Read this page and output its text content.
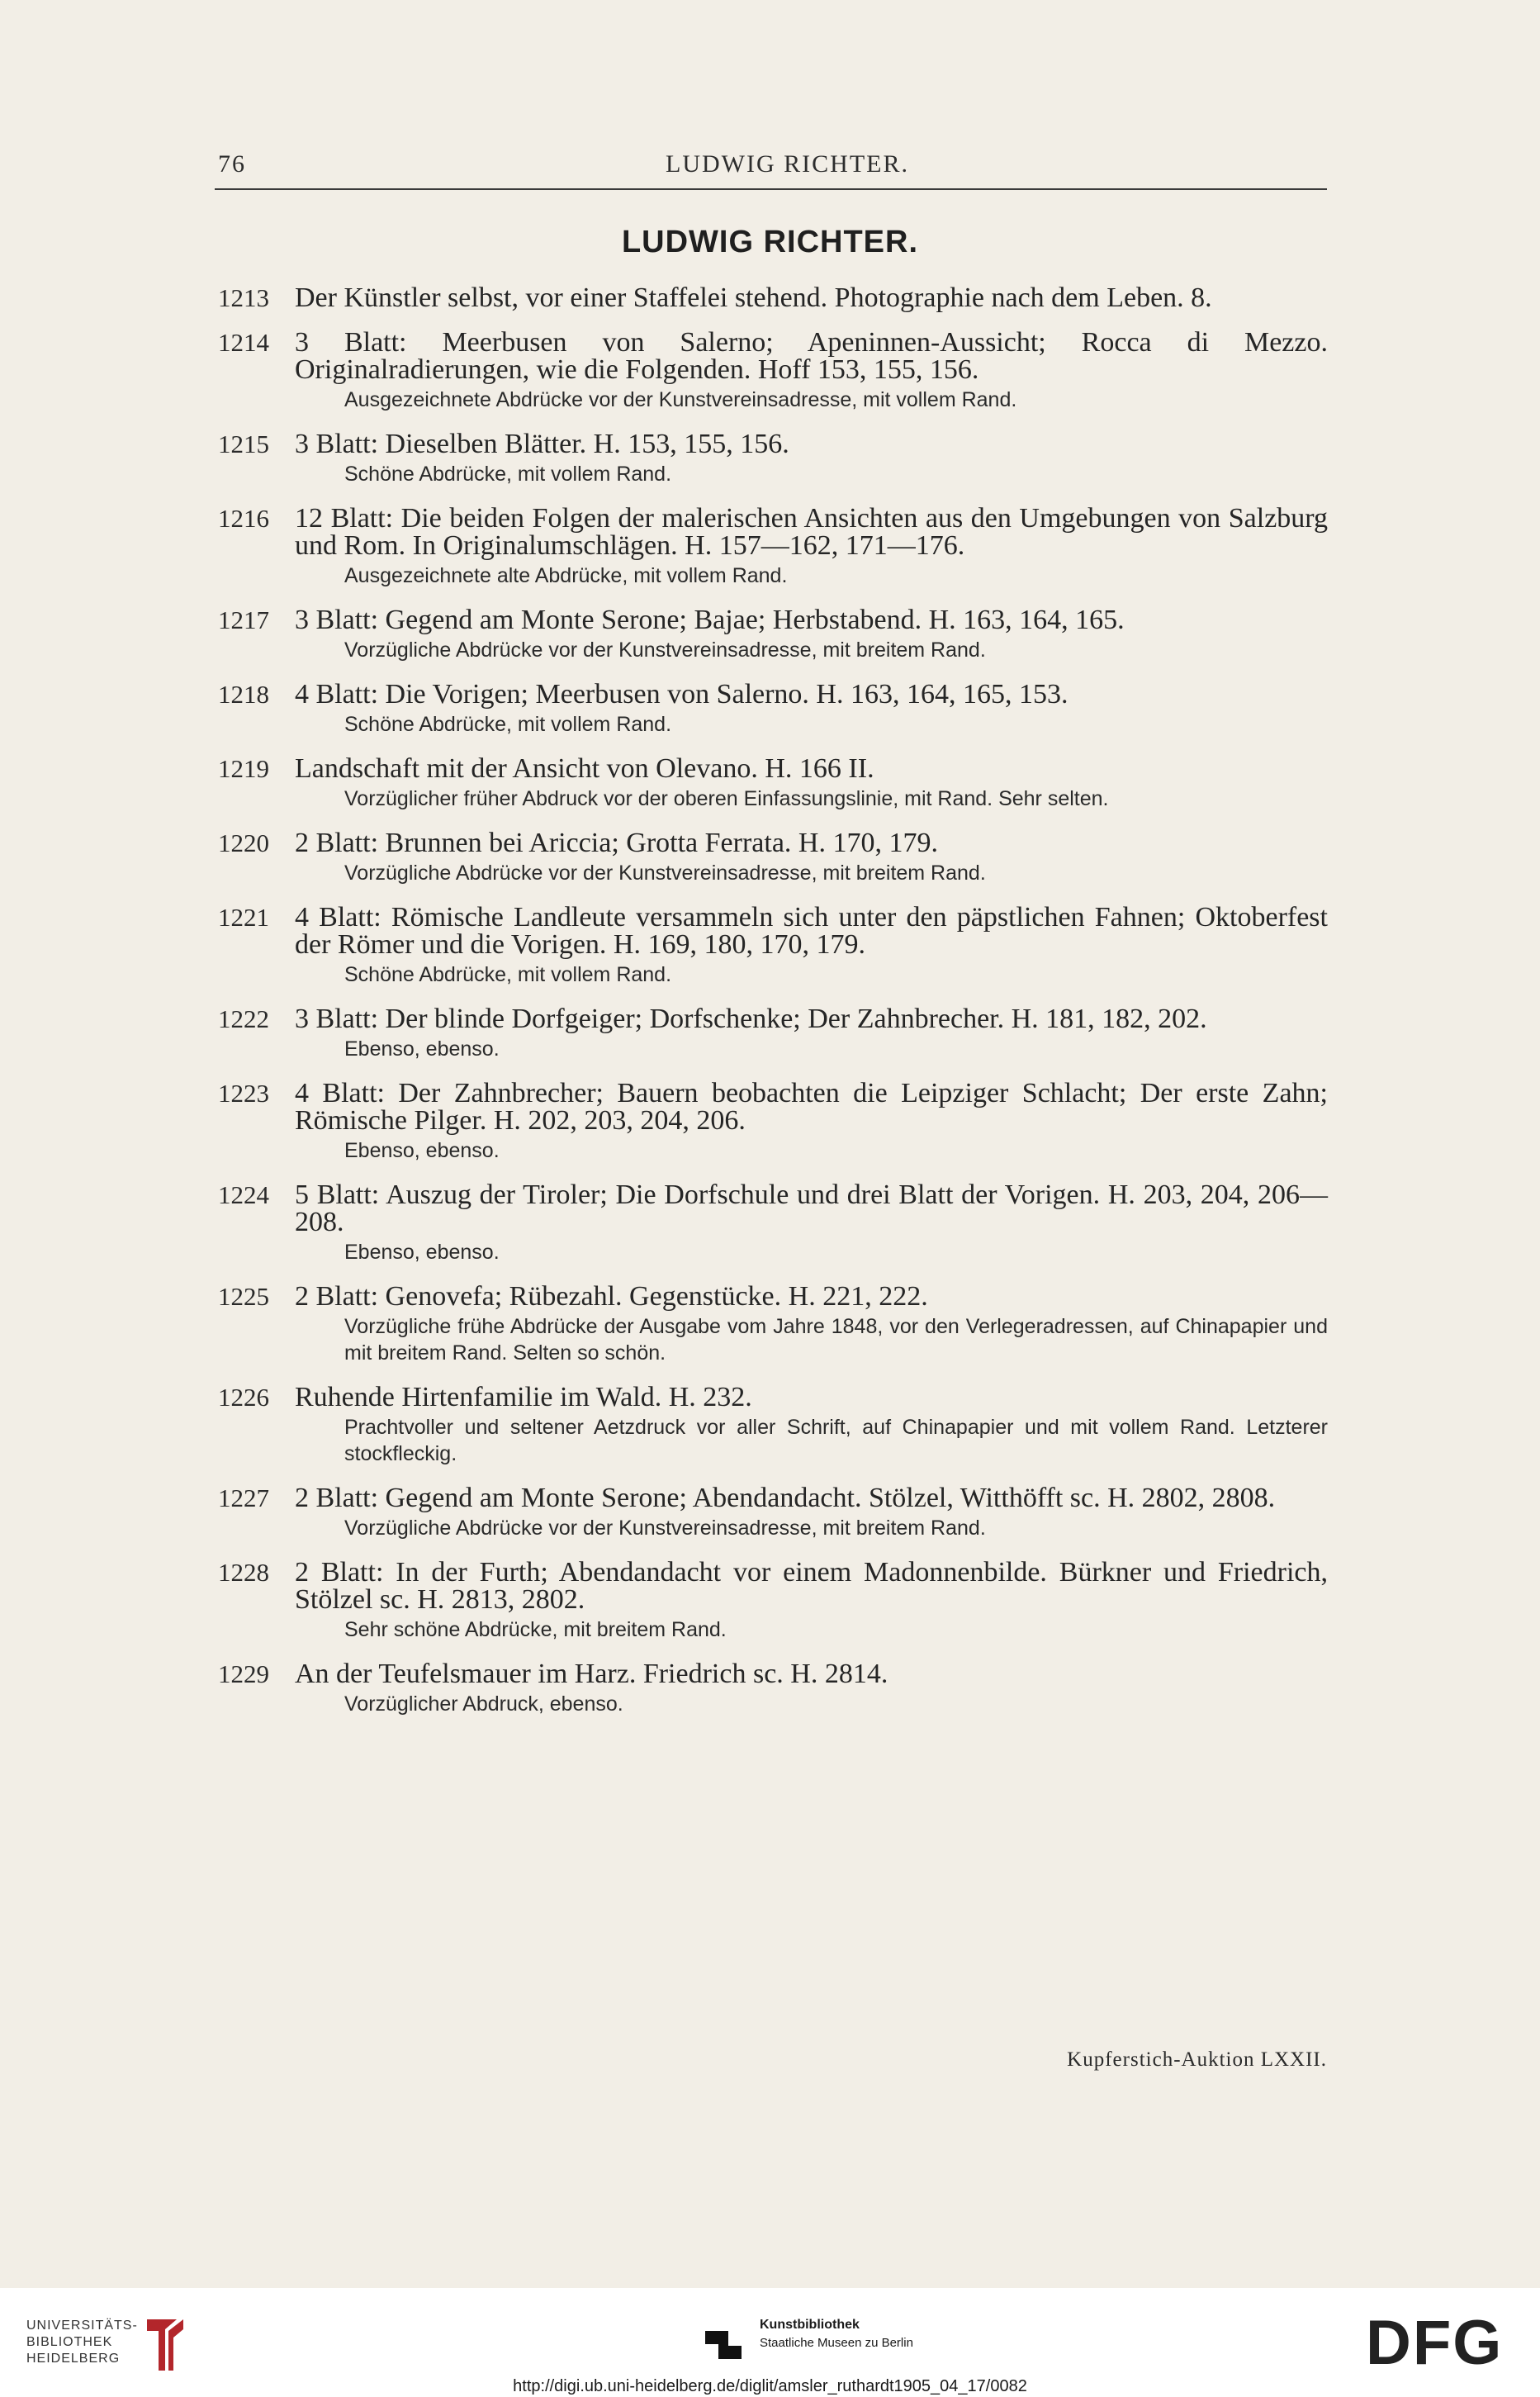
76	LUDWIG RICHTER.
LUDWIG RICHTER.
1213 Der Künstler selbst, vor einer Staffelei stehend. Photographie nach dem Leben. 8.
1214 3 Blatt: Meerbusen von Salerno; Apeninnen-Aussicht; Rocca di Mezzo. Originalradierungen, wie die Folgenden. Hoff 153, 155, 156.
Ausgezeichnete Abdrücke vor der Kunstvereinsadresse, mit vollem Rand.
1215 3 Blatt: Dieselben Blätter. H. 153, 155, 156.
Schöne Abdrücke, mit vollem Rand.
1216 12 Blatt: Die beiden Folgen der malerischen Ansichten aus den Umgebungen von Salzburg und Rom. In Originalumschlägen. H. 157—162, 171—176.
Ausgezeichnete alte Abdrücke, mit vollem Rand.
1217 3 Blatt: Gegend am Monte Serone; Bajae; Herbstabend. H. 163, 164, 165.
Vorzügliche Abdrücke vor der Kunstvereinsadresse, mit breitem Rand.
1218 4 Blatt: Die Vorigen; Meerbusen von Salerno. H. 163, 164, 165, 153.
Schöne Abdrücke, mit vollem Rand.
1219 Landschaft mit der Ansicht von Olevano. H. 166 II.
Vorzüglicher früher Abdruck vor der oberen Einfassungslinie, mit Rand. Sehr selten.
1220 2 Blatt: Brunnen bei Ariccia; Grotta Ferrata. H. 170, 179.
Vorzügliche Abdrücke vor der Kunstvereinsadresse, mit breitem Rand.
1221 4 Blatt: Römische Landleute versammeln sich unter den päpstlichen Fahnen; Oktoberfest der Römer und die Vorigen. H. 169, 180, 170, 179.
Schöne Abdrücke, mit vollem Rand.
1222 3 Blatt: Der blinde Dorfgeiger; Dorfschenke; Der Zahnbrecher. H. 181, 182, 202.
Ebenso, ebenso.
1223 4 Blatt: Der Zahnbrecher; Bauern beobachten die Leipziger Schlacht; Der erste Zahn; Römische Pilger. H. 202, 203, 204, 206.
Ebenso, ebenso.
1224 5 Blatt: Auszug der Tiroler; Die Dorfschule und drei Blatt der Vorigen. H. 203, 204, 206—208.
Ebenso, ebenso.
1225 2 Blatt: Genovefa; Rübezahl. Gegenstücke. H. 221, 222.
Vorzügliche frühe Abdrücke der Ausgabe vom Jahre 1848, vor den Verlegeradressen, auf Chinapapier und mit breitem Rand. Selten so schön.
1226 Ruhende Hirtenfamilie im Wald. H. 232.
Prachtvoller und seltener Aetzdruck vor aller Schrift, auf Chinapapier und mit vollem Rand. Letzterer stockfleckig.
1227 2 Blatt: Gegend am Monte Serone; Abendandacht. Stölzel, Witthöfft sc. H. 2802, 2808.
Vorzügliche Abdrücke vor der Kunstvereinsadresse, mit breitem Rand.
1228 2 Blatt: In der Furth; Abendandacht vor einem Madonnenbilde. Bürkner und Friedrich, Stölzel sc. H. 2813, 2802.
Sehr schöne Abdrücke, mit breitem Rand.
1229 An der Teufelsmauer im Harz. Friedrich sc. H. 2814.
Vorzüglicher Abdruck, ebenso.
Kupferstich-Auktion LXXII.
UNIVERSITÄTS-
BIBLIOTHEK
HEIDELBERG
Kunstbibliothek
Staatliche Museen zu Berlin	DFG
http://digi.ub.uni-heidelberg.de/diglit/amsler_ruthardt1905_04_17/0082
